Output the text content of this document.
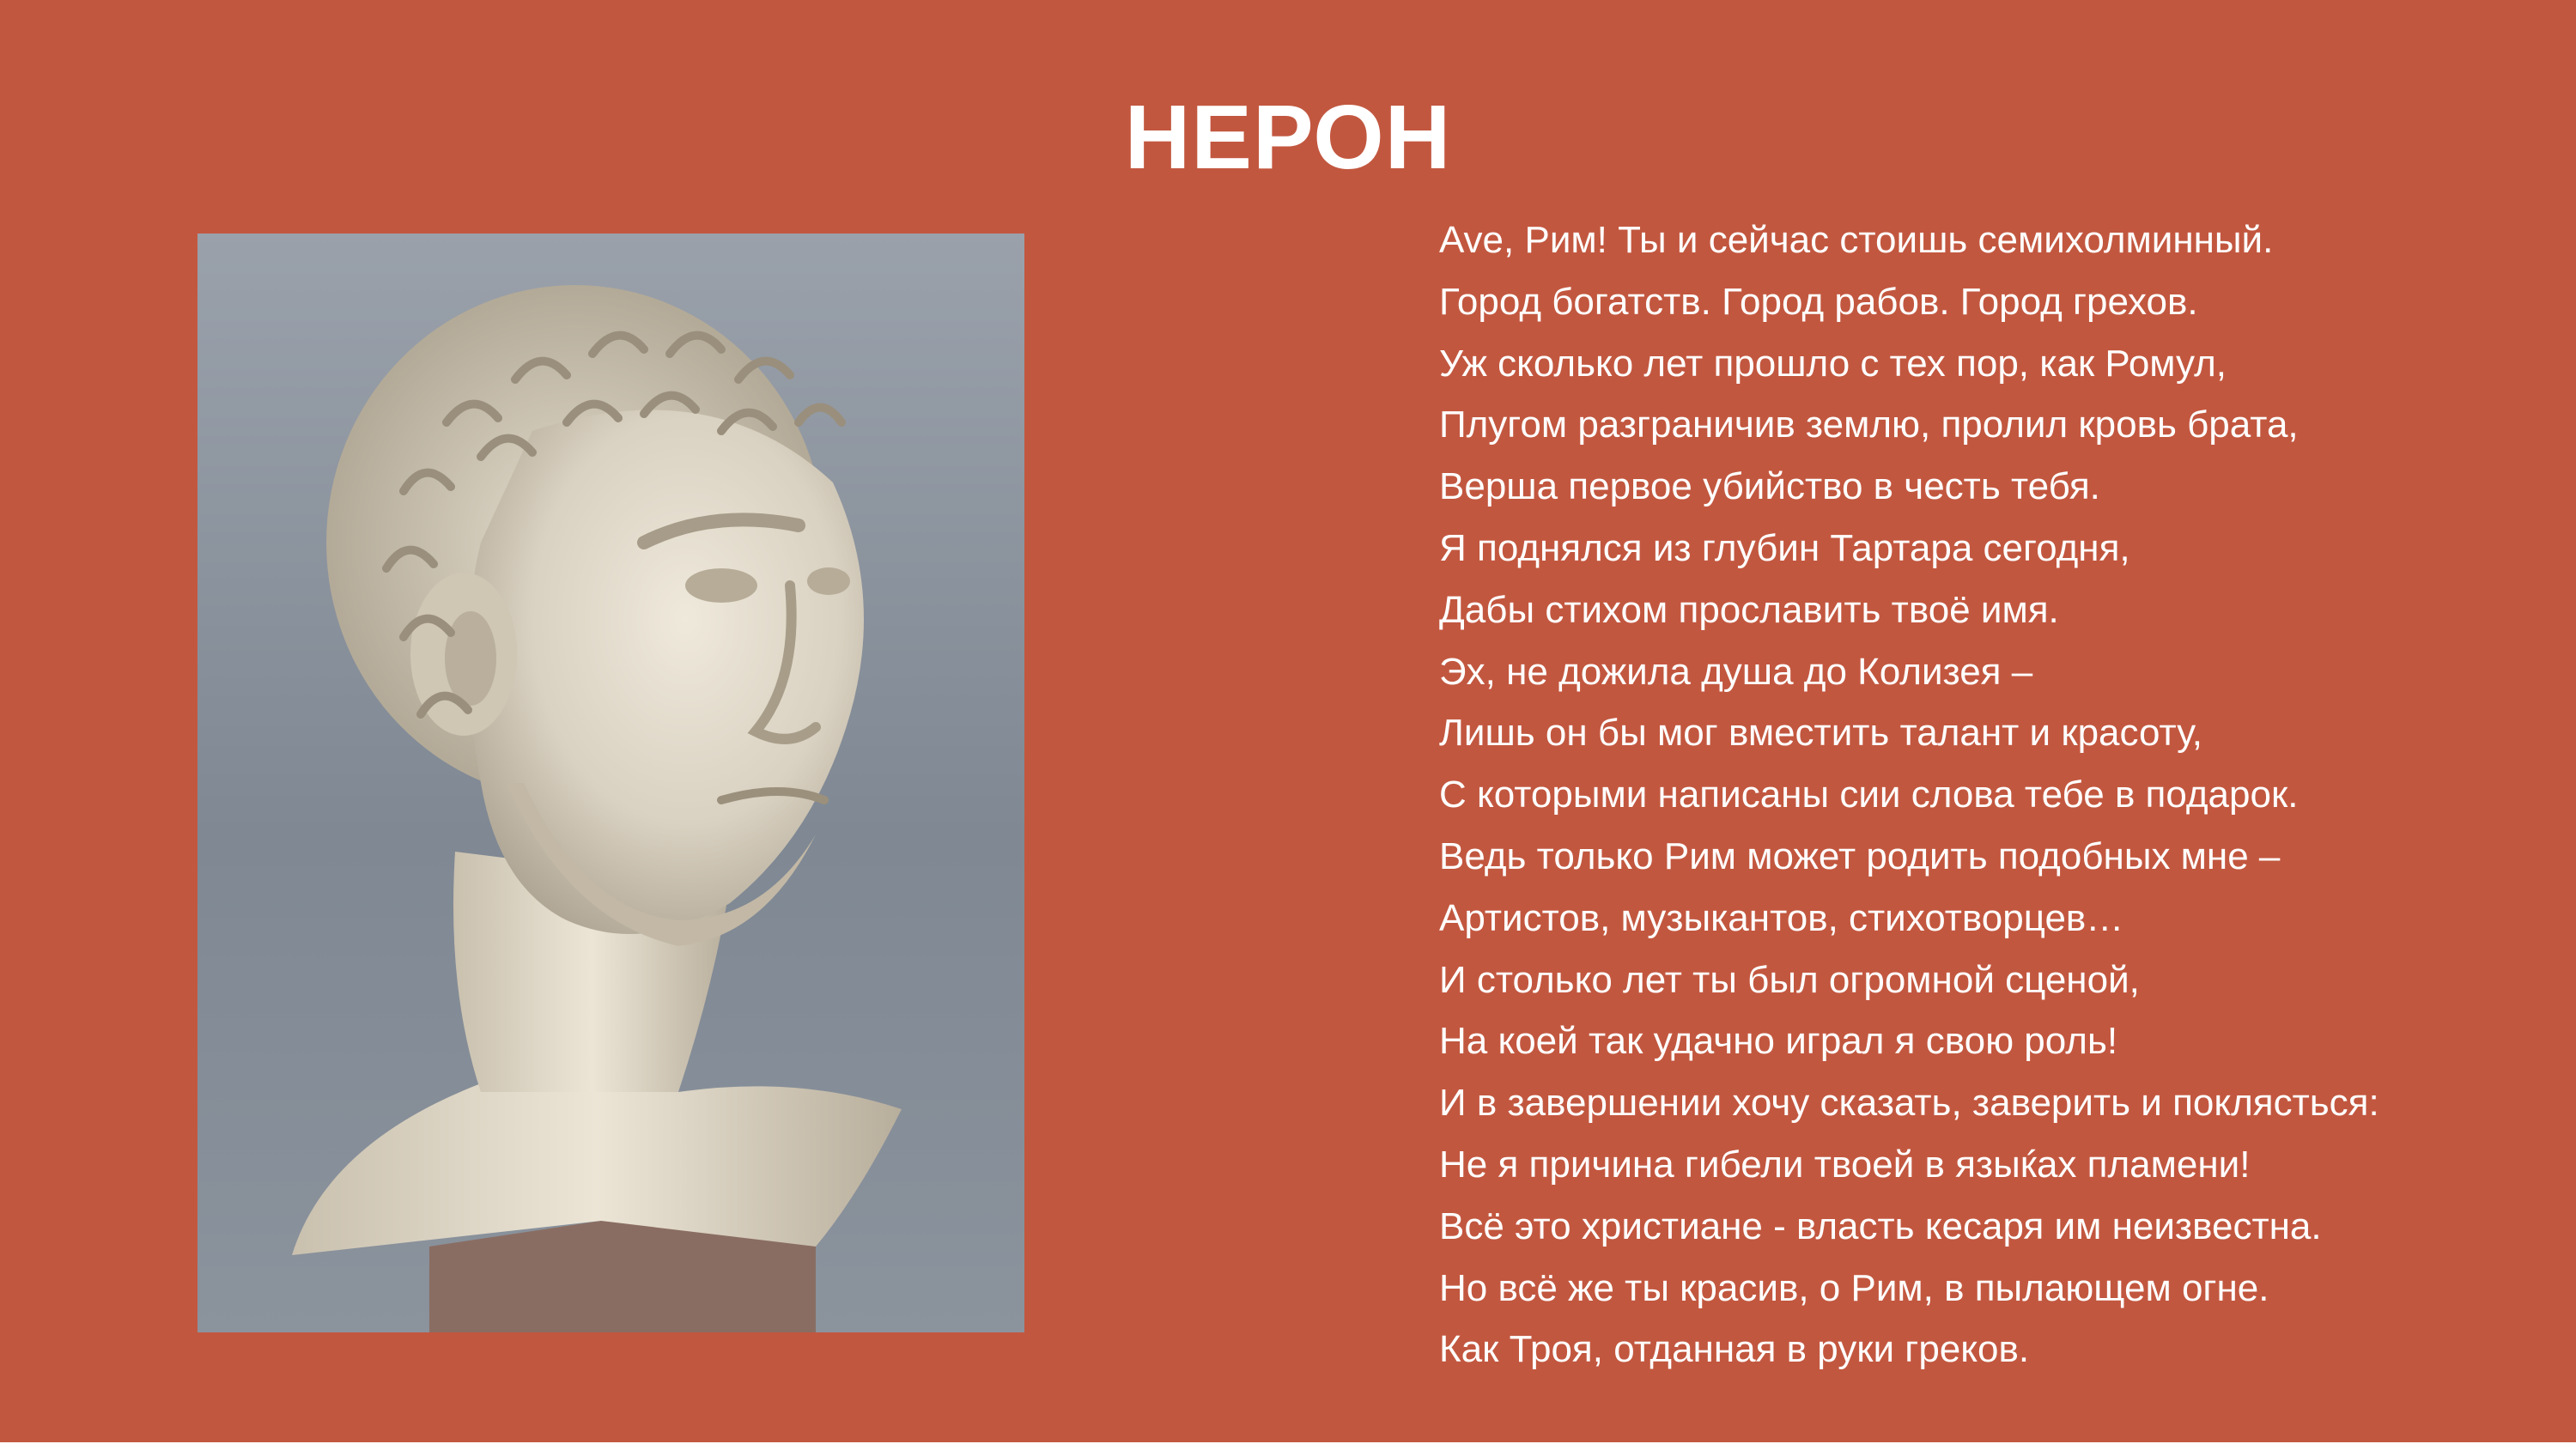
НЕРОН
Ave, Рим! Ты и сейчас стоишь семихолминный.
Город богатств. Город рабов. Город грехов.
Уж сколько лет прошло с тех пор, как Ромул,
Плугом разграничив землю, пролил кровь брата,
Верша первое убийство в честь тебя.
Я поднялся из глубин Тартара сегодня,
Дабы стихом прославить твоё имя.
Эх, не дожила душа до Колизея –
Лишь он бы мог вместить талант и красоту,
С которыми написаны сии слова тебе в подарок.
Ведь только Рим может родить подобных мне –
Артистов, музыкантов, стихотворцев…
И столько лет ты был огромной сценой,
На коей так удачно играл я свою роль!
И в завершении хочу сказать, заверить и поклясться:
Не я причина гибели твоей в языќах пламени!
Всё это христиане - власть кесаря им неизвестна.
Но всё же ты красив, о Рим, в пылающем огне.
Как Троя, отданная в руки греков.
